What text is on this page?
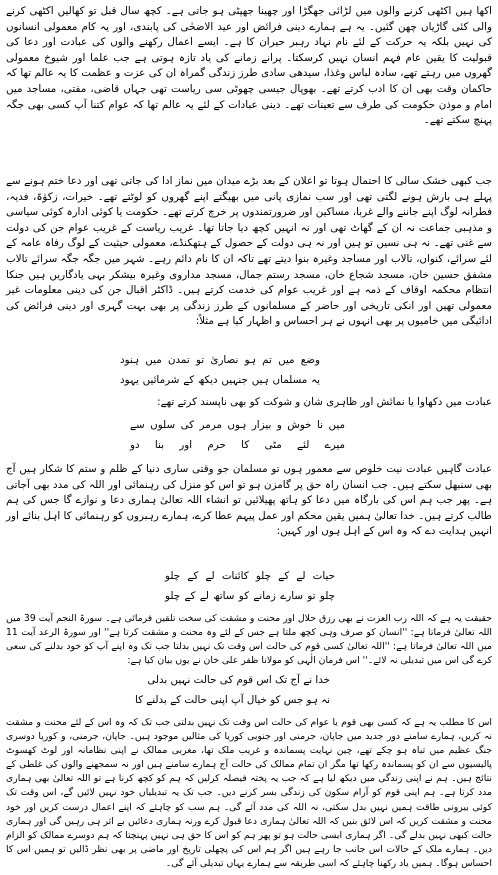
اکھا ہیں اکٹھی کرنے والوں میں لڑائی جھگڑا اور چھینا جھپٹی ہو جاتی ہے۔ کچھ سال قبل تو کھالیں اکٹھی کرنے والی کئی گاڑیاں چھن گئیں۔ یہ ہے ہمارے دینی فرائض اور عید الاضحٰی کی پابندی، اور یہ کام معمولی انسانوں کی نہیں بلکہ یہ حرکت کے لئے نام نہاد رہبر حیران کا ہے۔ ایسے اعمال رکھنے والوں کی عبادت اور دعا کی قبولیت کا یقین عام فہم انسان نہیں کرسکتا۔ پرانے زمانے کی یاد تازہ ہوتی ہے جب علما اور شیوخ معمولی گھروں میں رہتے تھے، سادہ لباس وغذا، سیدھی سادی طرز زندگی گمراہ ان کی عزت و عظمت کا یہ عالم تھا کہ حاکمان وقت بھی ان کا ادب کرتے تھے۔ بھوپال جیسی چھوٹی سی ریاست تھی جہاں قاضی، مفتی، مساجد میں امام و موذن حکومت کی طرف سے تعینات تھے۔ دینی عبادات کے لئے یہ عالم تھا کہ عوام کتنا آپ کسی بھی جگہ پہنچ سکتے تھے۔

جب کبھی خشک سالی کا احتمال ہوتا تو اعلان کے بعد بڑے میدان میں نماز ادا کی جاتی تھی اور دعا ختم ہونے سے پہلے ہی بارش ہونے لگتی تھی اور سب نمازی پانی میں بھیگتے اپنے گھروں کو لوٹتے تھے۔ خیرات، زکوٰۃ، فدیہ، فطرانہ لوگ اپنے جاننے والے غربا، مساکین اور ضرورتمندوں پر خرچ کرتے تھے۔ حکومت یا کوئی ادارہ کوئی سیاسی و مذہبی جماعت نہ ان کے گھاٹ تھی اور نہ انہیں کچھ دیا جاتا تھا۔ غریب ریاست کے غریب عوام جن کی دولت سے غنی تھے۔ نہ ہی نسیں تو ہیں اور نہ ہی دولت کے حصول کے ہتھکنڈے، معمولی حیثیت کے لوگ رفاہ عامہ کے لئے سرائے، کنواں، تالاب اور مساجد وغیرہ بنوا دیتے تھے تاکہ ان کا نام دائم رہے۔ شہر میں جگہ جگہ سرائے تالاب مشفق حسین خان، مسجد شجاع خان، مسجد رستم جمال، مسجد مداروی وغیرہ بیشکر بہی یادگاریں ہیں جنکا انتظام محکمہ اوقاف کے ذمہ ہے اور غریب عوام کی خدمت کرتے ہیں۔ ڈاکٹر اقبال جن کی دینی معلومات غیر معمولی تھیں اور انکی تاریخی اور حاضر کے مسلمانوں کے طرز زندگی پر بھی بہت گہری اور دینی فرائض کی ادائیگی میں خامیوں پر بھی انہوں نے ہر احساس و اظہار کیا ہے مثلاً:

وضع میں تم ہو نصاریٰ تو تمدن میں ہنود
یہ مسلماں ہیں جنہیں دیکھ کے شرمائیں یہود

عبادت میں دکھاوا یا نمائش اور ظاہری شان و شوکت کو بھی ناپسند کرتے تھے:

میں نا خوش و بیزار ہوں مرمر کی سلوں سے
میرے لئے مٹی کا حرم اور بنا دو

عبادت گاہیں عبادت نیت خلوص سے معمور ہوں تو مسلمان جو وقتی ساری دنیا کے ظلم و ستم کا شکار ہیں آج بھی سنبھل سکتے ہیں۔ جب انسان راہ حق پر گامزن ہو تو اس کو منزل کی رہنمائی اور اللہ کی مدد بھی آجاتی ہے۔ پھر جب ہم اس کی بارگاہ میں دعا کو ہاتھ پھیلائیں تو انشاء اللہ تعالیٰ ہماری دعا و نوازے گا جس کی ہم طالب کرتے ہیں۔ خدا تعالیٰ ہمیں یقین محکم اور عمل پیہم عطا کرے، ہمارے رہبروں کو رہنمائی کا اہل بنائے اور انہیں ہدایت دے کہ وہ اس کے اہل ہوں اور کہیں:

حیات لے کے چلو کائنات لے کے چلو
چلو تو سارے زمانے کو ساتھ لے کے چلو

حقیقت یہ ہے کہ اللہ رب العزت نے بھی رزق حلال اور محنت و مشقت کی سخت تلقین فرمائی ہے۔ سورۃ النجم آیت 39 میں اللہ تعالیٰ فرماتا ہے: ''انسان کو صرف وہی کچھ ملتا ہے جس کے لئے وہ محنت و مشقت کرتا ہے'' اور سورۃ الرعد آیت 11 میں اللہ تعالیٰ فرماتا ہے: ''اللہ تعالیٰ کسی قوم کی حالت اس وقت تک نہیں بدلتا جب تک وہ اپنے آپ کو خود بدلنے کی سعی کرے گی اس میں تبدیلی نہ لائے۔'' اس فرمان الٰہی کو مولانا ظفر علی خان نے یوں بیان کیا ہے:

خدا نے آج تک اس قوم کی حالت نہیں بدلی
نہ ہو جس کو خیال آپ اپنی حالت کے بدلنے کا

اس کا مطلب یہ ہے کہ کسی بھی قوم یا عوام کی حالت اس وقت تک نہیں بدلتی جب تک کہ وہ اس کے لئے محنت و مشقت نہ کریں، ہمارے سامنے دور جدید میں جاپان، جرمنی اور جنوبی کوریا کی مثالیں موجود ہیں۔ جاپان، جرمنی، و کوریا دوسری جنگ عظیم میں تباہ ہو چکے تھے، چین نہایت پسماندہ و غریب ملک تھا، مغربی ممالک نے اپنی نظامانہ اور لوٹ کھسوٹ پالیسیوں سے ان کو پسماندہ رکھا تھا مگر ان تمام ممالک کی حالت آج ہمارے سامنے ہیں اور نہ سمجھنے والوں کی غلطی کے نتائج ہیں۔ ہم نے اپنی زندگی میں دیکھ لیا ہے کہ جب یہ پختہ فیصلہ کرلیں کہ ہم کو کچھ کرنا ہے تو اللہ تعالیٰ بھی ہماری مدد کرتا ہے۔ ہم اپنی قوم کو آرام سکون کی زندگی بسر کرنے دیں۔ جب تک یہ تبدیلیاں خود نہیں لائیں گے، اس وقت تک کوئی بیرونی طاقت ہمیں نہیں بدل سکتی، نہ اللہ کی مدد آئے گی۔ ہم سب کو چاہئے کہ اپنے اعمال درست کریں اور خود محنت و مشقت کریں کہ اس لائق بنیں کہ اللہ تعالیٰ ہماری دعا قبول کرے ورنہ ہماری دعائیں بے اثر ہی رہیں گی اور ہماری حالت کبھی نہیں بدلے گی۔ اگر ہماری ایسی حالت ہو تو پھر ہم کو اس کا حق ہی نہیں پہنچتا کہ ہم دوسرے ممالک کو الزام دیں۔ ہمارے ملک کے حالات اس جانب جا رہے ہیں اگر ہم اس کی پچھلی تاریخ اور ماضی پر بھی نظر ڈالیں تو ہمیں اس کا احساس ہوگا۔ ہمیں یاد رکھنا چاہئے کہ اسی طریقہ سے ہمارے یہاں تبدیلی آئے گی۔
